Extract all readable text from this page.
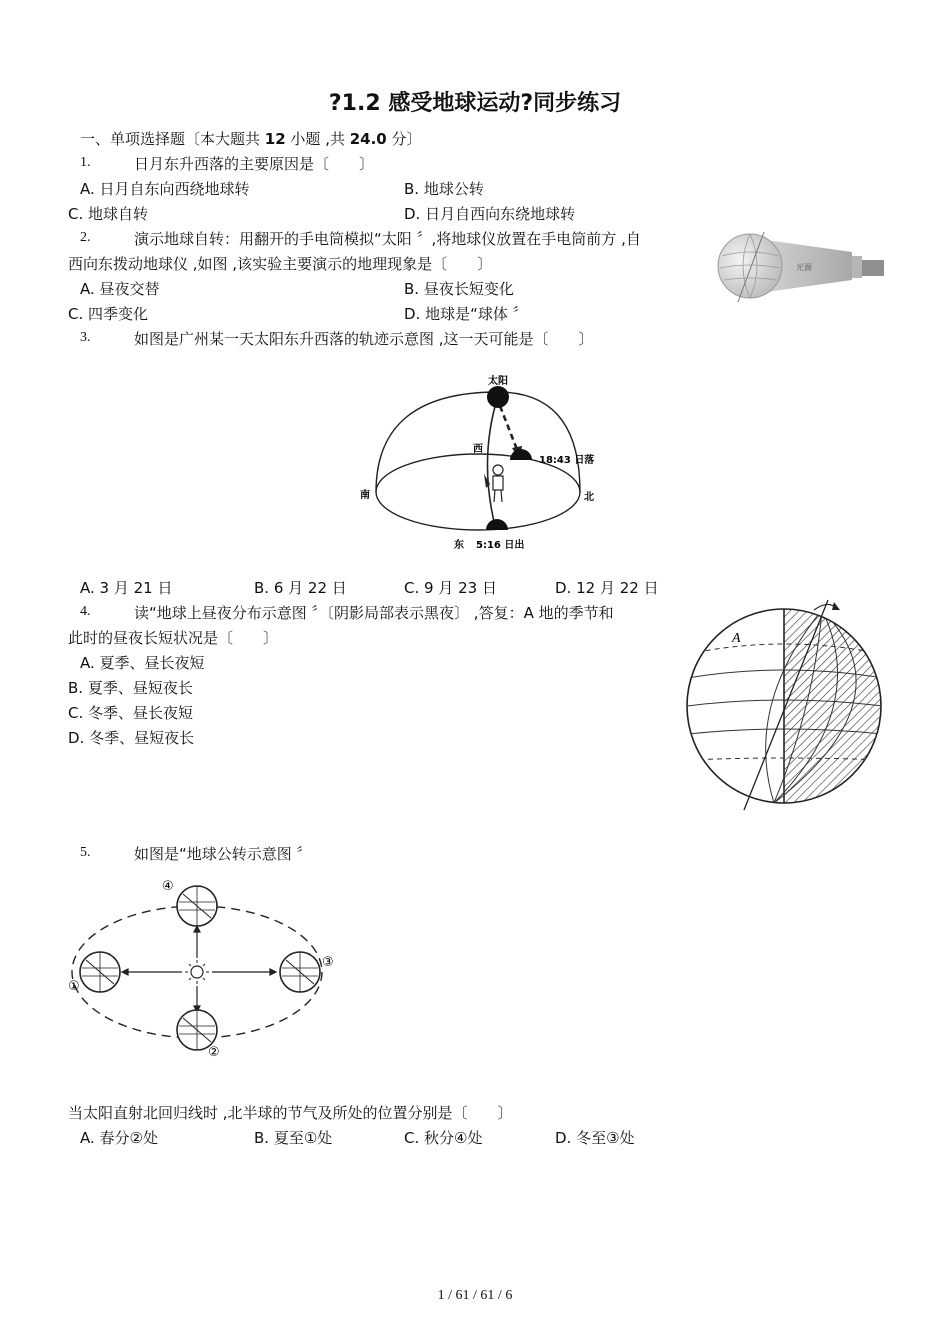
?1.2 感受地球运动?同步练习
一、单项选择题〔本大题共 12 小题 ,共 24.0 分〕
1.	日月东升西落的主要原因是〔　　〕
A. 日月自东向西绕地球转	B. 地球公转
C. 地球自转	D. 日月自西向东绕地球转
2.	演示地球自转：用翻开的手电筒模拟“太阳 〞,将地球仪放置在手电筒前方 ,自
西向东拨动地球仪 ,如图 ,该实验主要演示的地理现象是〔　　〕
A. 昼夜交替	B. 昼夜长短变化
C. 四季变化	D. 地球是“球体 〞
光源
3.	如图是广州某一天太阳东升西落的轨迹示意图 ,这一天可能是〔　　〕
太阳
西
18:43 日落
南	北
东 5:16 日出
A. 3 月 21 日	B. 6 月 22 日	C. 9 月 23 日	D. 12 月 22 日
4.	读“地球上昼夜分布示意图 〞〔阴影局部表示黑夜〕 ,答复：A 地的季节和
此时的昼夜长短状况是〔　　〕
A. 夏季、昼长夜短
B. 夏季、昼短夜长
C. 冬季、昼长夜短
D. 冬季、昼短夜长
A
5.	如图是“地球公转示意图 〞
①
②
③
④
当太阳直射北回归线时 ,北半球的节气及所处的位置分别是〔　　〕
A. 春分②处	B. 夏至①处	C. 秋分④处	D. 冬至③处
1 / 61 / 61 / 6
